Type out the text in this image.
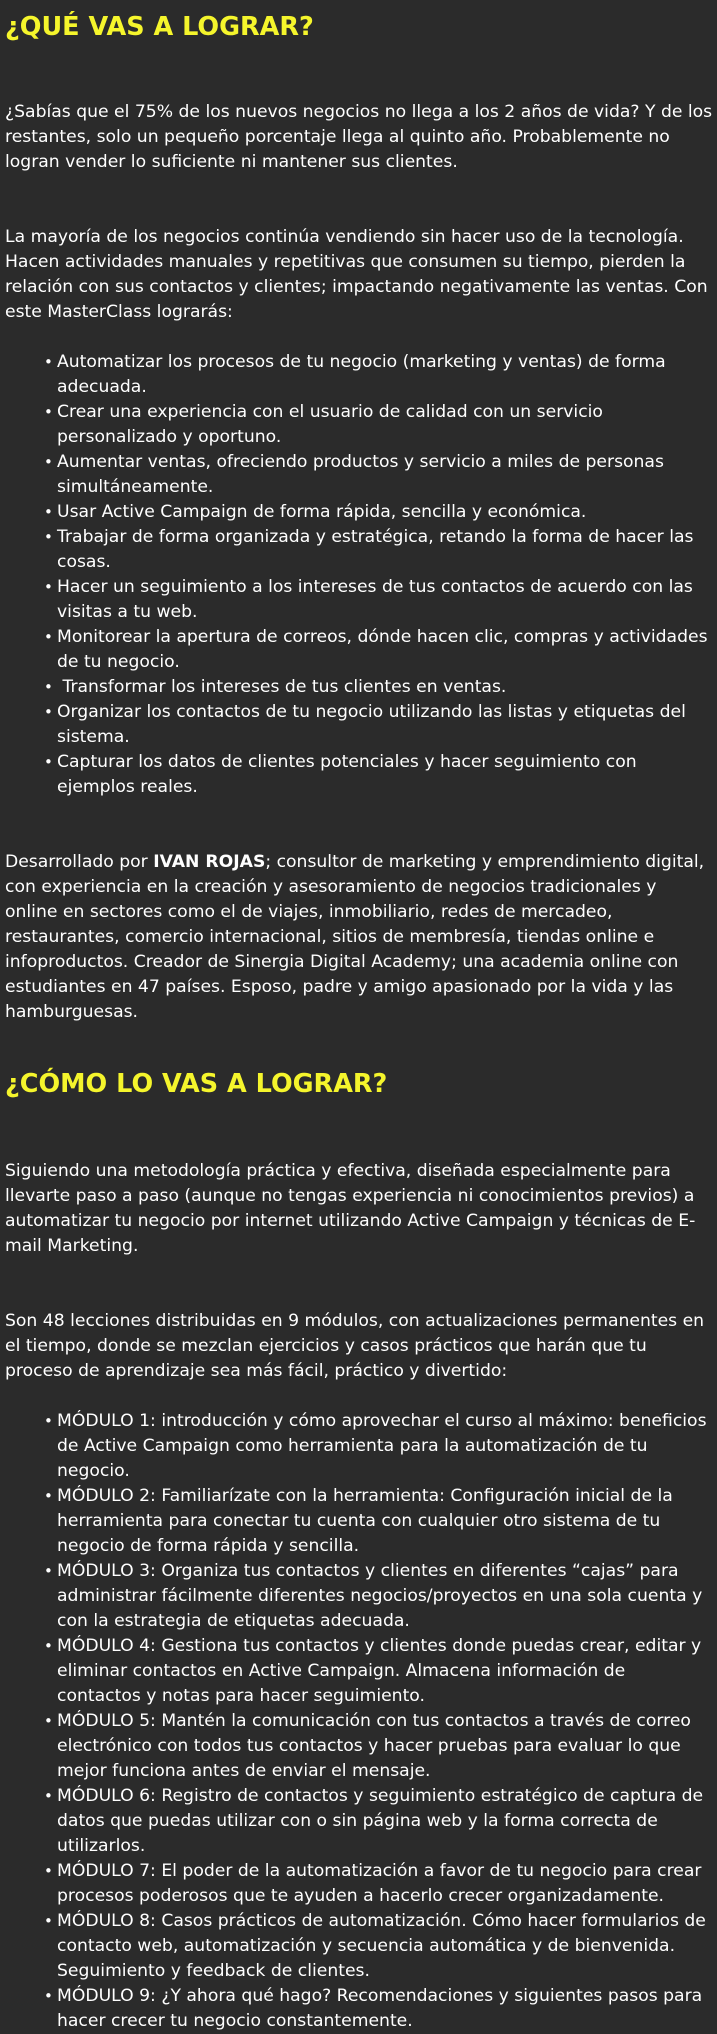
¿QUÉ VAS A LOGRAR?

¿Sabías que el 75% de los nuevos negocios no llega a los 2 años de vida? Y de los restantes, solo un pequeño porcentaje llega al quinto año. Probablemente no logran vender lo suficiente ni mantener sus clientes.

La mayoría de los negocios continúa vendiendo sin hacer uso de la tecnología. Hacen actividades manuales y repetitivas que consumen su tiempo, pierden la relación con sus contactos y clientes; impactando negativamente las ventas. Con este MasterClass lograrás:

• Automatizar los procesos de tu negocio (marketing y ventas) de forma adecuada.
• Crear una experiencia con el usuario de calidad con un servicio personalizado y oportuno.
• Aumentar ventas, ofreciendo productos y servicio a miles de personas simultáneamente.
• Usar Active Campaign de forma rápida, sencilla y económica.
• Trabajar de forma organizada y estratégica, retando la forma de hacer las cosas.
• Hacer un seguimiento a los intereses de tus contactos de acuerdo con las visitas a tu web.
• Monitorear la apertura de correos, dónde hacen clic, compras y actividades de tu negocio.
•  Transformar los intereses de tus clientes en ventas.
• Organizar los contactos de tu negocio utilizando las listas y etiquetas del sistema.
• Capturar los datos de clientes potenciales y hacer seguimiento con ejemplos reales.

Desarrollado por IVAN ROJAS; consultor de marketing y emprendimiento digital, con experiencia en la creación y asesoramiento de negocios tradicionales y online en sectores como el de viajes, inmobiliario, redes de mercadeo, restaurantes, comercio internacional, sitios de membresía, tiendas online e infoproductos. Creador de Sinergia Digital Academy; una academia online con estudiantes en 47 países. Esposo, padre y amigo apasionado por la vida y las hamburguesas.

¿CÓMO LO VAS A LOGRAR?

Siguiendo una metodología práctica y efectiva, diseñada especialmente para llevarte paso a paso (aunque no tengas experiencia ni conocimientos previos) a automatizar tu negocio por internet utilizando Active Campaign y técnicas de E-mail Marketing.

Son 48 lecciones distribuidas en 9 módulos, con actualizaciones permanentes en el tiempo, donde se mezclan ejercicios y casos prácticos que harán que tu proceso de aprendizaje sea más fácil, práctico y divertido:

• MÓDULO 1: introducción y cómo aprovechar el curso al máximo: beneficios de Active Campaign como herramienta para la automatización de tu negocio.
• MÓDULO 2: Familiarízate con la herramienta: Configuración inicial de la herramienta para conectar tu cuenta con cualquier otro sistema de tu negocio de forma rápida y sencilla.
• MÓDULO 3: Organiza tus contactos y clientes en diferentes “cajas” para administrar fácilmente diferentes negocios/proyectos en una sola cuenta y con la estrategia de etiquetas adecuada.
• MÓDULO 4: Gestiona tus contactos y clientes donde puedas crear, editar y eliminar contactos en Active Campaign. Almacena información de contactos y notas para hacer seguimiento.
• MÓDULO 5: Mantén la comunicación con tus contactos a través de correo electrónico con todos tus contactos y hacer pruebas para evaluar lo que mejor funciona antes de enviar el mensaje.
• MÓDULO 6: Registro de contactos y seguimiento estratégico de captura de datos que puedas utilizar con o sin página web y la forma correcta de utilizarlos.
• MÓDULO 7: El poder de la automatización a favor de tu negocio para crear procesos poderosos que te ayuden a hacerlo crecer organizadamente.
• MÓDULO 8: Casos prácticos de automatización. Cómo hacer formularios de contacto web, automatización y secuencia automática y de bienvenida. Seguimiento y feedback de clientes.
• MÓDULO 9: ¿Y ahora qué hago? Recomendaciones y siguientes pasos para hacer crecer tu negocio constantemente.
